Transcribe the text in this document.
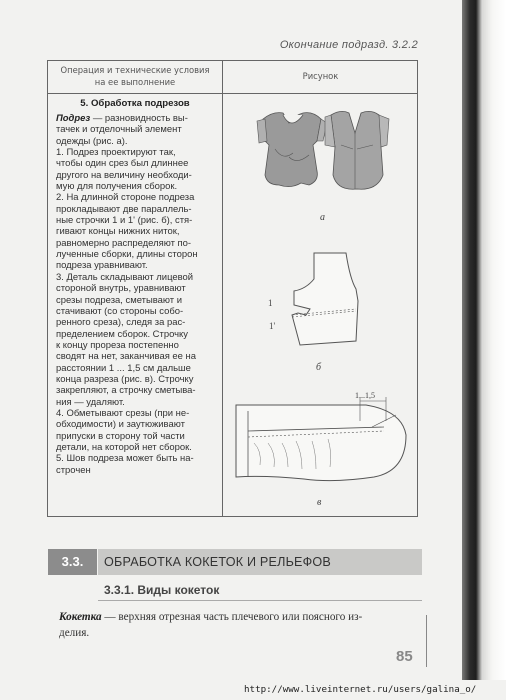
Окончание подразд. 3.2.2
Операция и технические условия
на ее выполнение
Рисунок
5. Обработка подрезов

Подрез — разновидность вы-

тачек и отделочный элемент

одежды (рис. а).

1. Подрез проектируют так,

чтобы один срез был длиннее

другого на величину необходи-

мую для получения сборок.

2. На длинной стороне подреза

прокладывают две параллель-

ные строчки 1 и 1' (рис. б), стя-

гивают концы нижних ниток,

равномерно распределяют по-

лученные сборки, длины сторон

подреза уравнивают.

3. Деталь складывают лицевой

стороной внутрь, уравнивают

срезы подреза, сметывают и

стачивают (со стороны собо-

ренного среза), следя за рас-

пределением сборок. Строчку

к концу прореза постепенно

сводят на нет, заканчивая ее на

расстоянии 1 ... 1,5 см дальше

конца разреза (рис. в). Строчку

закрепляют, а строчку сметыва-

ния — удаляют.

4. Обметывают срезы (при не-

обходимости) и заутюживают

припуски в сторону той части

детали, на которой нет сборок.

5. Шов подреза может быть на-

строчен

а
1
1'
б
1...1,5
в
3.3.	ОБРАБОТКА КОКЕТОК И РЕЛЬЕФОВ
3.3.1. Виды кокеток
Кокетка — верхняя отрезная часть плечевого или поясного из-
делия.
85
http://www.liveinternet.ru/users/galina_o/
